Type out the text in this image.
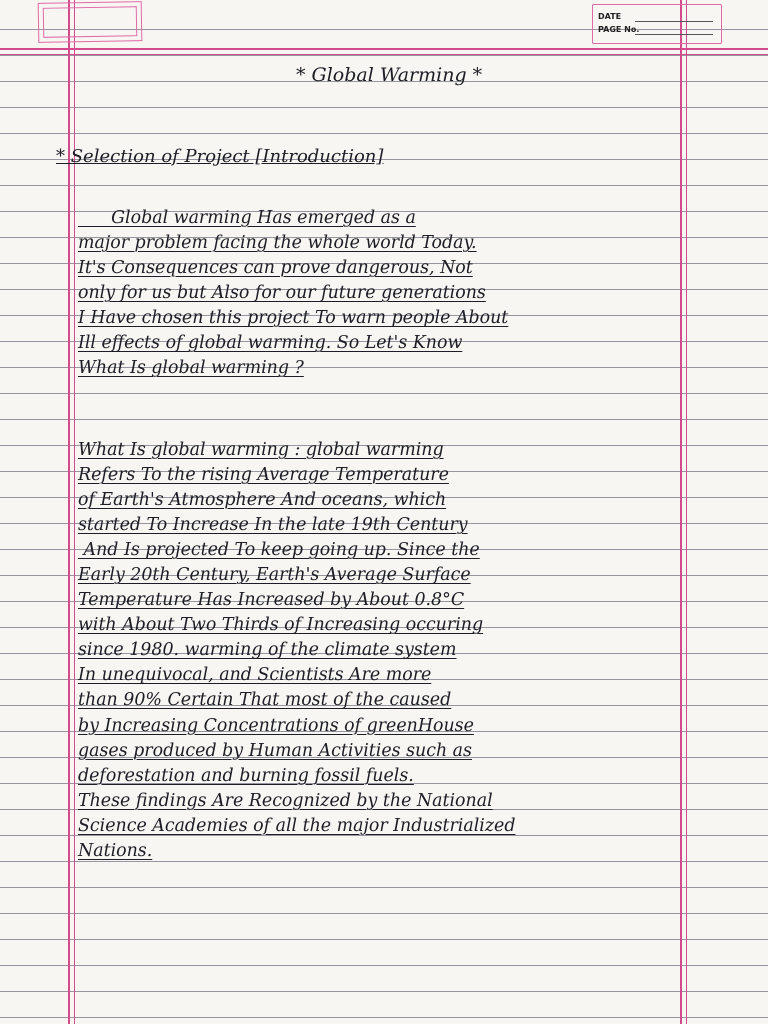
DATE
PAGE No.
* Global Warming *
* Selection of Project [Introduction]
Global warming Has emerged as a
major problem facing the whole world Today.
It's Consequences can prove dangerous, Not
only for us but Also for our future generations
I Have chosen this project To warn people About
Ill effects of global warming. So Let's Know
What Is global warming ?
What Is global warming : global warming
Refers To the rising Average Temperature
of Earth's Atmosphere And oceans, which
started To Increase In the late 19th Century
And Is projected To keep going up. Since the
Early 20th Century, Earth's Average Surface
Temperature Has Increased by About 0.8°C
with About Two Thirds of Increasing occuring
since 1980. warming of the climate system
In unequivocal, and Scientists Are more
than 90% Certain That most of the caused
by Increasing Concentrations of greenHouse
gases produced by Human Activities such as
deforestation and burning fossil fuels.
These findings Are Recognized by the National
Science Academies of all the major Industrialized
Nations.
